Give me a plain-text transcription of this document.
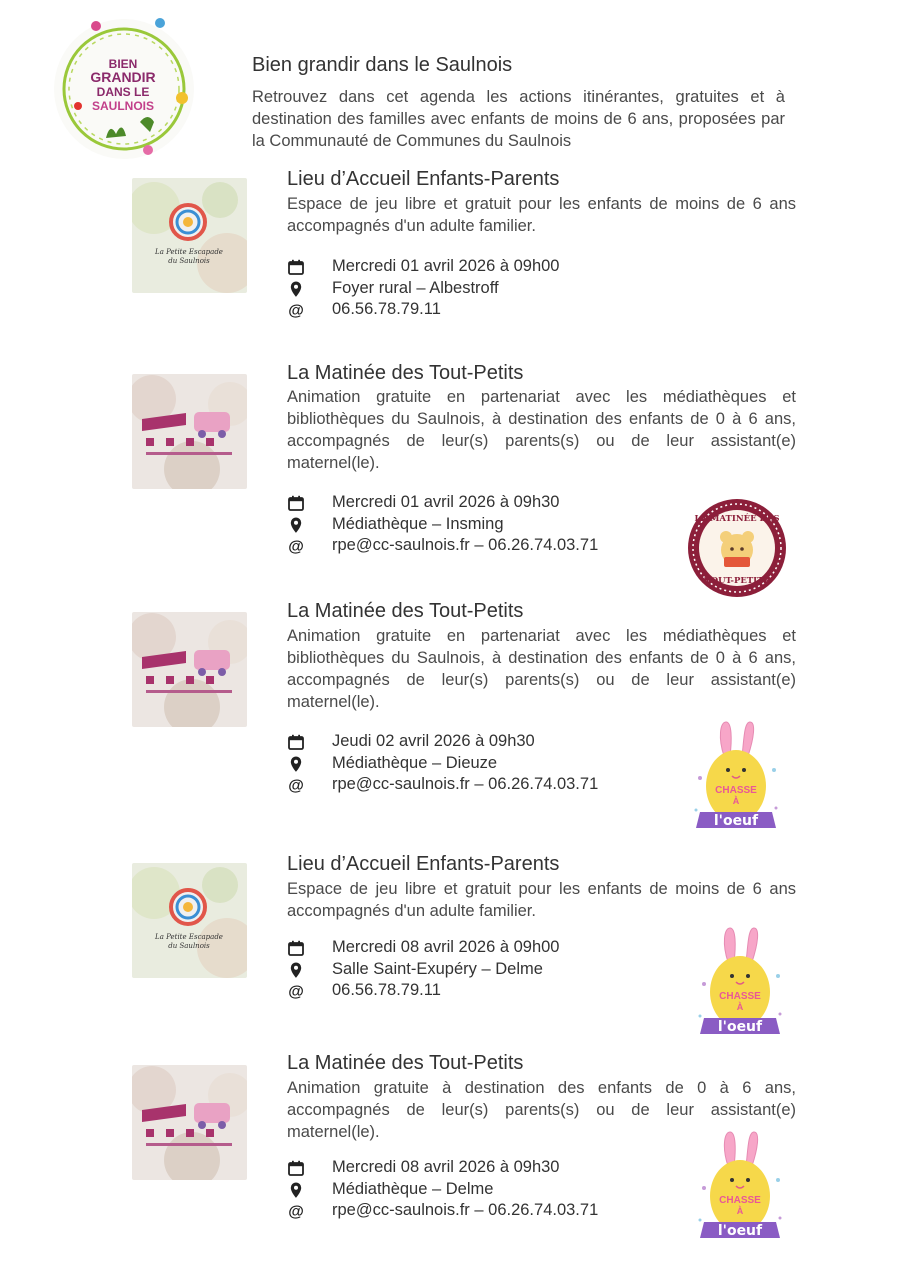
BIEN
GRANDIR
DANS LE
SAULNOIS
Bien grandir dans le Saulnois
Retrouvez dans cet agenda les actions itinérantes, gratuites et à destination des familles avec enfants de moins de 6 ans, proposées par la Communauté de Communes du Saulnois
La Petite Escapade
du Saulnois
Lieu d’Accueil Enfants-Parents
Espace de jeu libre et gratuit pour les enfants de moins de 6 ans accompagnés d'un adulte familier.
Mercredi 01 avril 2026 à 09h00
Foyer rural – Albestroff
@ 06.56.78.79.11
La Matinée des Tout-Petits
Animation gratuite en partenariat avec les médiathèques et bibliothèques du Saulnois, à destination des enfants de 0 à 6 ans, accompagnés de leur(s) parents(s) ou de leur assistant(e) maternel(le).
Mercredi 01 avril 2026 à 09h30
Médiathèque – Insming
@ rpe@cc-saulnois.fr – 06.26.74.03.71
LA MATINÉE DES
TOUT-PETITS
La Matinée des Tout-Petits
Animation gratuite en partenariat avec les médiathèques et bibliothèques du Saulnois, à destination des enfants de 0 à 6 ans, accompagnés de leur(s) parents(s) ou de leur assistant(e) maternel(le).
Jeudi 02 avril 2026 à 09h30
Médiathèque – Dieuze
@ rpe@cc-saulnois.fr – 06.26.74.03.71	CHASSE
À
l'oeuf
La Petite Escapade
du Saulnois
Lieu d’Accueil Enfants-Parents
Espace de jeu libre et gratuit pour les enfants de moins de 6 ans accompagnés d'un adulte familier.
Mercredi 08 avril 2026 à 09h00
Salle Saint-Exupéry – Delme
@ 06.56.78.79.11	CHASSE
À
l'oeuf
La Matinée des Tout-Petits
Animation gratuite à destination des enfants de 0 à 6 ans, accompagnés de leur(s) parents(s) ou de leur assistant(e) maternel(le).
Mercredi 08 avril 2026 à 09h30
Médiathèque – Delme
@ rpe@cc-saulnois.fr – 06.26.74.03.71
CHASSE
À
l'oeuf
